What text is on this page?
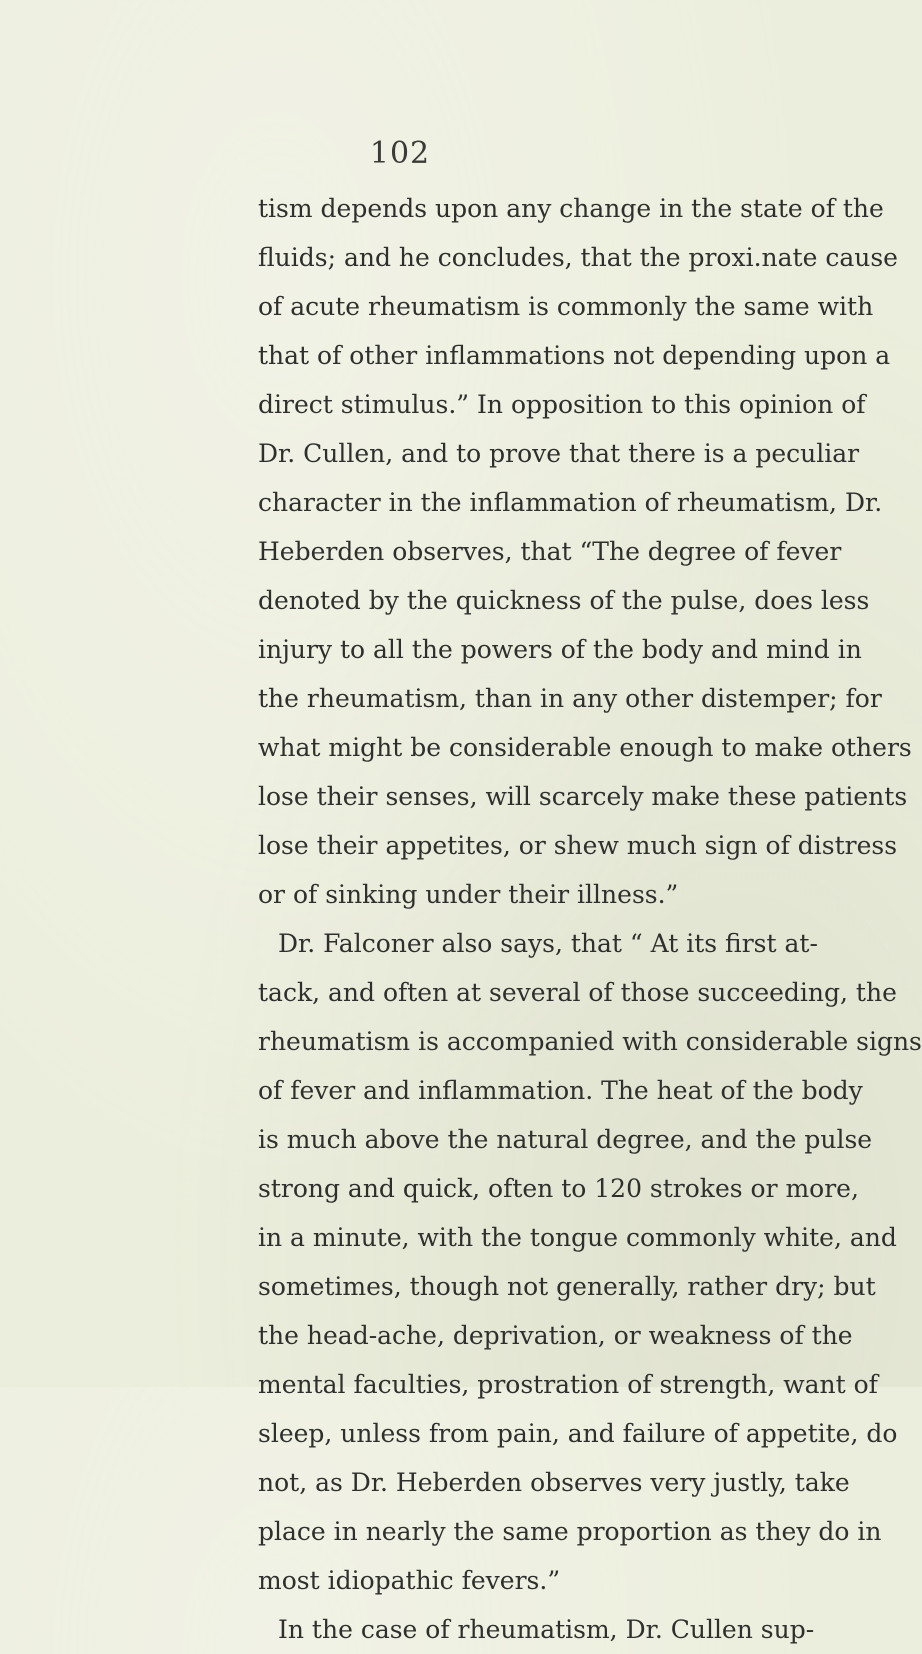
102
tism depends upon any change in the state of the
fluids; and he concludes, that the proxi.nate cause
of acute rheumatism is commonly the same with
that of other inflammations not depending upon a
direct stimulus.” In opposition to this opinion of
Dr. Cullen, and to prove that there is a peculiar
character in the inflammation of rheumatism, Dr.
Heberden observes, that “The degree of fever
denoted by the quickness of the pulse, does less
injury to all the powers of the body and mind in
the rheumatism, than in any other distemper; for
what might be considerable enough to make others
lose their senses, will scarcely make these patients
lose their appetites, or shew much sign of distress
or of sinking under their illness.”
Dr. Falconer also says, that “ At its first at-
tack, and often at several of those succeeding, the
rheumatism is accompanied with considerable signs
of fever and inflammation. The heat of the body
is much above the natural degree, and the pulse
strong and quick, often to 120 strokes or more,
in a minute, with the tongue commonly white, and
sometimes, though not generally, rather dry; but
the head-ache, deprivation, or weakness of the
mental faculties, prostration of strength, want of
sleep, unless from pain, and failure of appetite, do
not, as Dr. Heberden observes very justly, take
place in nearly the same proportion as they do in
most idiopathic fevers.”
In the case of rheumatism, Dr. Cullen sup-
